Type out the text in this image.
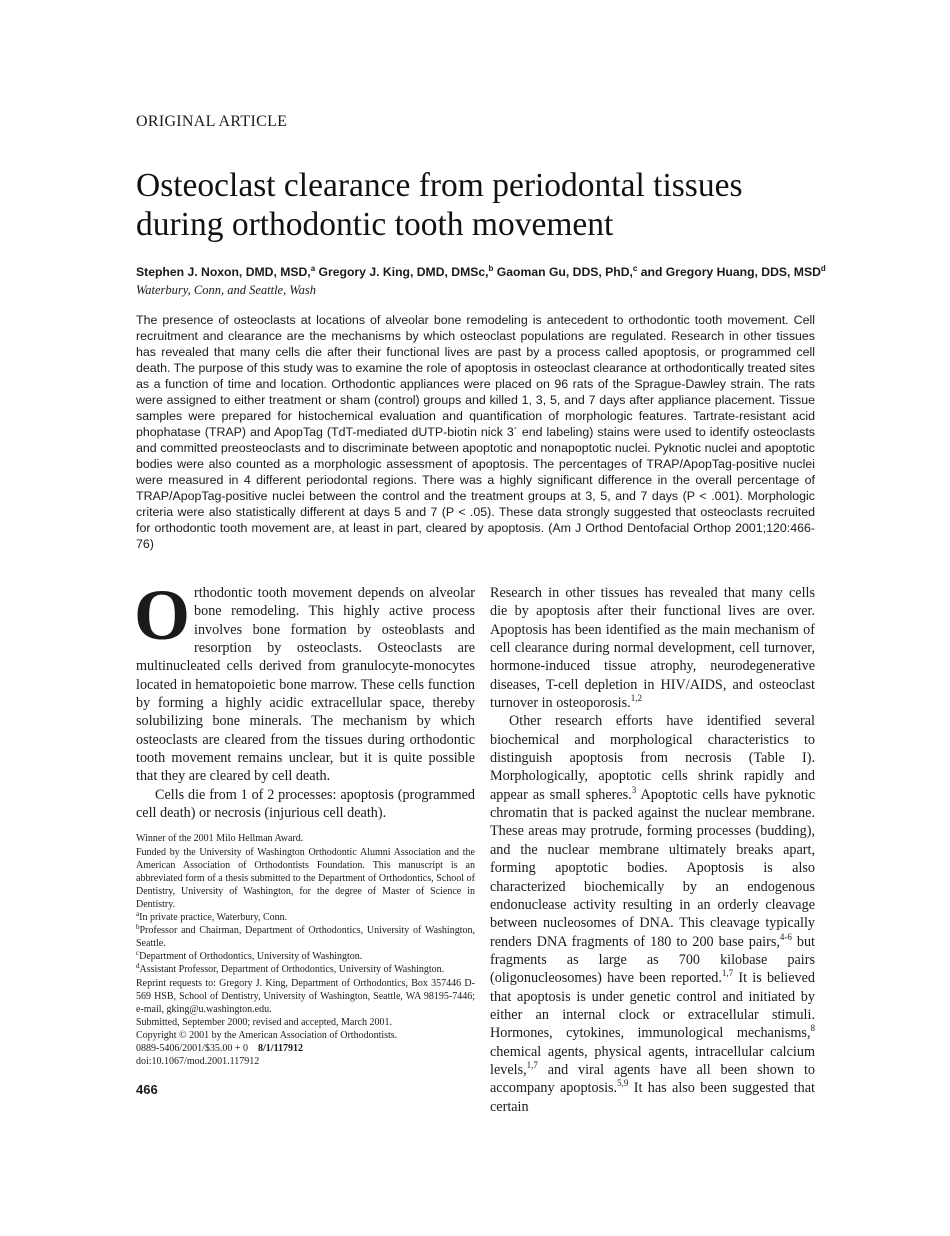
ORIGINAL ARTICLE
Osteoclast clearance from periodontal tissues during orthodontic tooth movement
Stephen J. Noxon, DMD, MSD,$^a$ Gregory J. King, DMD, DMSc,$^b$ Gaoman Gu, DDS, PhD,$^c$ and Gregory Huang, DDS, MSD$^d$
Waterbury, Conn, and Seattle, Wash
The presence of osteoclasts at locations of alveolar bone remodeling is antecedent to orthodontic tooth movement. Cell recruitment and clearance are the mechanisms by which osteoclast populations are regulated. Research in other tissues has revealed that many cells die after their functional lives are past by a process called apoptosis, or programmed cell death. The purpose of this study was to examine the role of apoptosis in osteoclast clearance at orthodontically treated sites as a function of time and location. Orthodontic appliances were placed on 96 rats of the Sprague-Dawley strain. The rats were assigned to either treatment or sham (control) groups and killed 1, 3, 5, and 7 days after appliance placement. Tissue samples were prepared for histochemical evaluation and quantification of morphologic features. Tartrate-resistant acid phophatase (TRAP) and ApopTag (TdT-mediated dUTP-biotin nick 3´ end labeling) stains were used to identify osteoclasts and committed preosteoclasts and to discriminate between apoptotic and nonapoptotic nuclei. Pyknotic nuclei and apoptotic bodies were also counted as a morphologic assessment of apoptosis. The percentages of TRAP/ApopTag-positive nuclei were measured in 4 different periodontal regions. There was a highly significant difference in the overall percentage of TRAP/ApopTag-positive nuclei between the control and the treatment groups at 3, 5, and 7 days (P < .001). Morphologic criteria were also statistically different at days 5 and 7 (P < .05). These data strongly suggested that osteoclasts recruited for orthodontic tooth movement are, at least in part, cleared by apoptosis. (Am J Orthod Dentofacial Orthop 2001;120:466-76)
O rthodontic tooth movement depends on alveolar bone remodeling. This highly active process involves bone formation by osteoblasts and resorption by osteoclasts. Osteoclasts are multinucleated cells derived from granulocyte-monocytes located in hematopoietic bone marrow. These cells function by forming a highly acidic extracellular space, thereby solubilizing bone minerals. The mechanism by which osteoclasts are cleared from the tissues during orthodontic tooth movement remains unclear, but it is quite possible that they are cleared by cell death.

Cells die from 1 of 2 processes: apoptosis (programmed cell death) or necrosis (injurious cell death).

Winner of the 2001 Milo Hellman Award.
Funded by the University of Washington Orthodontic Alumni Association and the American Association of Orthodontists Foundation. This manuscript is an abbreviated form of a thesis submitted to the Department of Orthodontics, School of Dentistry, University of Washington, for the degree of Master of Science in Dentistry.
$^a$In private practice, Waterbury, Conn.
$^b$Professor and Chairman, Department of Orthodontics, University of Washington, Seattle.
$^c$Department of Orthodontics, University of Washington.
$^d$Assistant Professor, Department of Orthodontics, University of Washington.
Reprint requests to: Gregory J. King, Department of Orthodontics, Box 357446 D-569 HSB, School of Dentistry, University of Washington, Seattle, WA 98195-7446; e-mail, gking@u.washington.edu.
Submitted, September 2000; revised and accepted, March 2001.
Copyright © 2001 by the American Association of Orthodontists.
0889-5406/2001/$35.00 + 0    8/1/117912
doi:10.1067/mod.2001.117912
466

Research in other tissues has revealed that many cells die by apoptosis after their functional lives are over. Apoptosis has been identified as the main mechanism of cell clearance during normal development, cell turnover, hormone-induced tissue atrophy, neurodegenerative diseases, T-cell depletion in HIV/AIDS, and osteoclast turnover in osteoporosis.$^{1,2}$

Other research efforts have identified several biochemical and morphological characteristics to distinguish apoptosis from necrosis (Table I). Morphologically, apoptotic cells shrink rapidly and appear as small spheres.$^3$ Apoptotic cells have pyknotic chromatin that is packed against the nuclear membrane. These areas may protrude, forming processes (budding), and the nuclear membrane ultimately breaks apart, forming apoptotic bodies. Apoptosis is also characterized biochemically by an endogenous endonuclease activity resulting in an orderly cleavage between nucleosomes of DNA. This cleavage typically renders DNA fragments of 180 to 200 base pairs,$^{4-6}$ but fragments as large as 700 kilobase pairs (oligonucleosomes) have been reported.$^{1,7}$ It is believed that apoptosis is under genetic control and initiated by either an internal clock or extracellular stimuli. Hormones, cytokines, immunological mechanisms,$^8$ chemical agents, physical agents, intracellular calcium levels,$^{1,7}$ and viral agents have all been shown to accompany apoptosis.$^{5,9}$ It has also been suggested that certain
